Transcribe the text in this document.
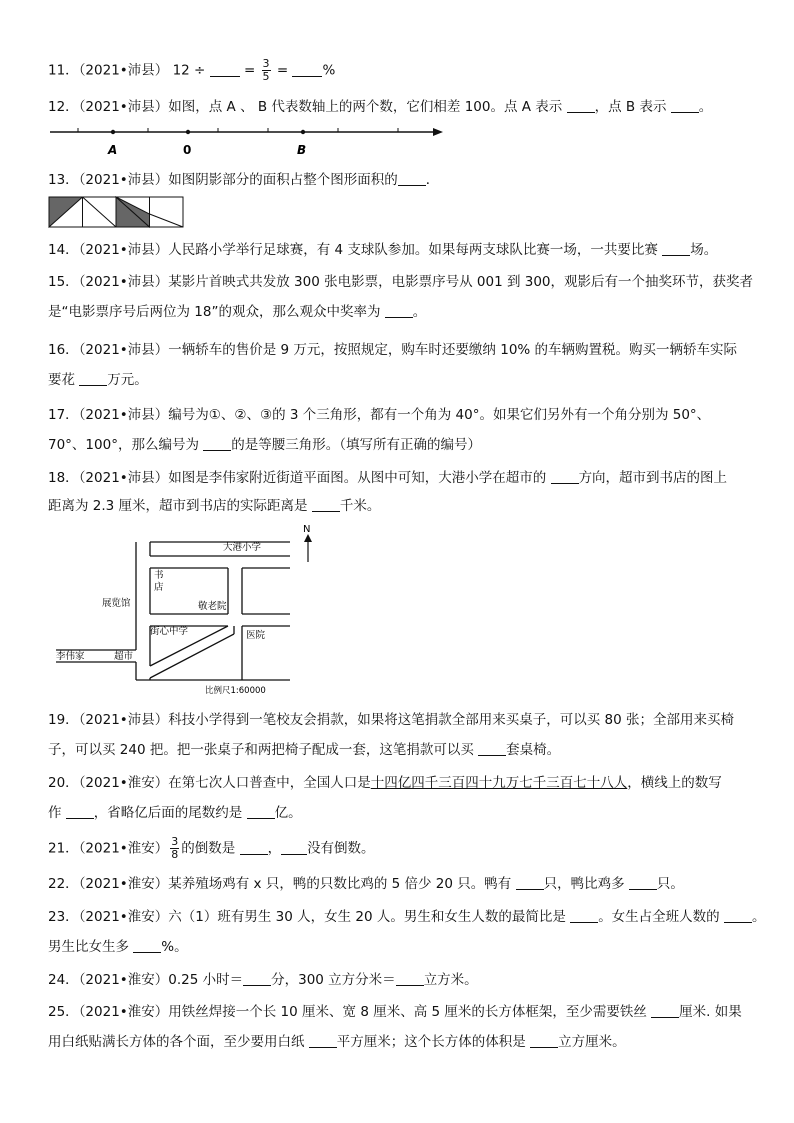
11．（2021•沛县） 12 ÷	= $\frac{3}{5}$ =	%
12．（2021•沛县）如图，点 A 、 B 代表数轴上的两个数，它们相差 100。点 A 表示 ，点 B 表示 。
A	0	B
13．（2021•沛县）如图阴影部分的面积占整个图形面积的 ．
14．（2021•沛县）人民路小学举行足球赛，有 4 支球队参加。如果每两支球队比赛一场，一共要比赛 场。
15．（2021•沛县）某影片首映式共发放 300 张电影票，电影票序号从 001 到 300，观影后有一个抽奖环节，获奖者
是“电影票序号后两位为 18”的观众，那么观众中奖率为 。
16．（2021•沛县）一辆轿车的售价是 9 万元，按照规定，购车时还要缴纳 10% 的车辆购置税。购买一辆轿车实际
要花 万元。
17．（2021•沛县）编号为①、②、③的 3 个三角形，都有一个角为 40°。如果它们另外有一个角分别为 50°、
70°、100°，那么编号为 的是等腰三角形。（填写所有正确的编号）
18．（2021•沛县）如图是李伟家附近街道平面图。从图中可知，大港小学在超市的 方向，超市到书店的图上
距离为 2.3 厘米，超市到书店的实际距离是 千米。
N
大港小学
书
店
展览馆	敬老院
街心中学	医院
李伟家	超市
比例尺1:60000
19．（2021•沛县）科技小学得到一笔校友会捐款，如果将这笔捐款全部用来买桌子，可以买 80 张；全部用来买椅
子，可以买 240 把。把一张桌子和两把椅子配成一套，这笔捐款可以买 套桌椅。
20．（2021•淮安）在第七次人口普查中，全国人口是十四亿四千三百四十九万七千三百七十八人，横线上的数写
作 ，省略亿后面的尾数约是 亿。
21．（2021•淮安） $\frac{3}{8}$ 的倒数是 ， 没有倒数。
22．（2021•淮安）某养殖场鸡有 x 只，鸭的只数比鸡的 5 倍少 20 只。鸭有 只，鸭比鸡多 只。
23．（2021•淮安）六（1）班有男生 30 人，女生 20 人。男生和女生人数的最简比是 。女生占全班人数的 。
男生比女生多 %。
24．（2021•淮安）0.25 小时＝ 分，300 立方分米＝ 立方米。
25．（2021•淮安）用铁丝焊接一个长 10 厘米、宽 8 厘米、高 5 厘米的长方体框架，至少需要铁丝 厘米. 如果
用白纸贴满长方体的各个面，至少要用白纸 平方厘米；这个长方体的体积是 立方厘米。
